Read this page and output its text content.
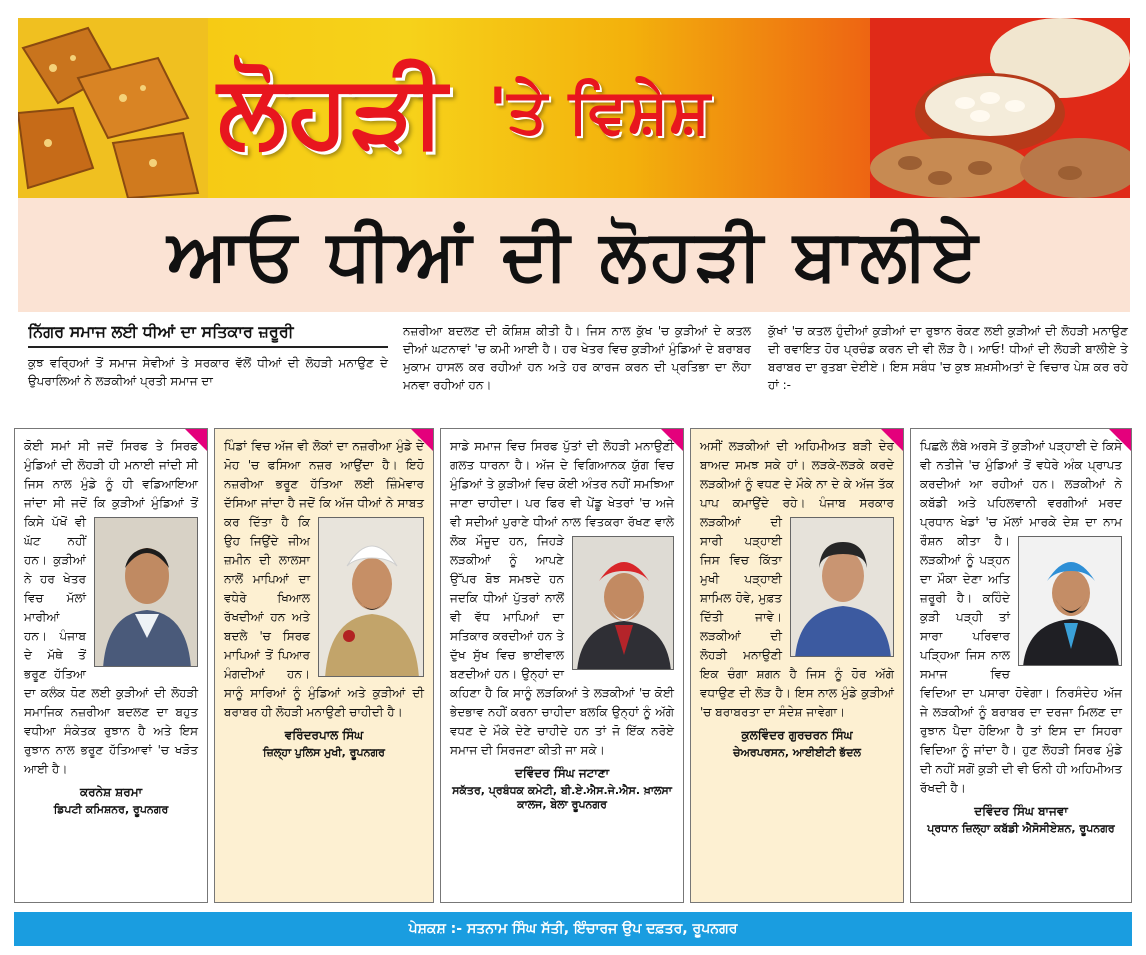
ਲੋਹੜੀ 'ਤੇ ਵਿਸ਼ੇਸ਼
ਆਓ ਧੀਆਂ ਦੀ ਲੋਹੜੀ ਬਾਲੀਏ
ਨਿੱਗਰ ਸਮਾਜ ਲਈ ਧੀਆਂ ਦਾ ਸਤਿਕਾਰ ਜ਼ਰੂਰੀ

ਕੁਝ ਵਰ੍ਹਿਆਂ ਤੋਂ ਸਮਾਜ ਸੇਵੀਆਂ ਤੇ ਸਰਕਾਰ ਵੱਲੋਂ ਧੀਆਂ ਦੀ ਲੋਹੜੀ ਮਨਾਉਣ ਦੇ ਉਪਰਾਲਿਆਂ ਨੇ ਲੜਕੀਆਂ ਪ੍ਰਤੀ ਸਮਾਜ ਦਾ

ਨਜ਼ਰੀਆ ਬਦਲਣ ਦੀ ਕੋਸ਼ਿਸ਼ ਕੀਤੀ ਹੈ। ਜਿਸ ਨਾਲ ਕੁੱਖ 'ਚ ਕੁੜੀਆਂ ਦੇ ਕਤਲ ਦੀਆਂ ਘਟਨਾਵਾਂ 'ਚ ਕਮੀ ਆਈ ਹੈ। ਹਰ ਖੇਤਰ ਵਿਚ ਕੁੜੀਆਂ ਮੁੰਡਿਆਂ ਦੇ ਬਰਾਬਰ ਮੁਕਾਮ ਹਾਸਲ ਕਰ ਰਹੀਆਂ ਹਨ ਅਤੇ ਹਰ ਕਾਰਜ ਕਰਨ ਦੀ ਪ੍ਰਤਿਭਾ ਦਾ ਲੋਹਾ ਮਨਵਾ ਰਹੀਆਂ ਹਨ।

ਕੁੱਖਾਂ 'ਚ ਕਤਲ ਹੁੰਦੀਆਂ ਕੁੜੀਆਂ ਦਾ ਰੁਝਾਨ ਰੋਕਣ ਲਈ ਕੁੜੀਆਂ ਦੀ ਲੋਹੜੀ ਮਨਾਉਣ ਦੀ ਰਵਾਇਤ ਹੋਰ ਪ੍ਰਚੰਡ ਕਰਨ ਦੀ ਵੀ ਲੋੜ ਹੈ। ਆਓ! ਧੀਆਂ ਦੀ ਲੋਹੜੀ ਬਾਲੀਏ ਤੇ ਬਰਾਬਰ ਦਾ ਰੁਤਬਾ ਦੇਈਏ। ਇਸ ਸਬੰਧ 'ਚ ਕੁਝ ਸ਼ਖ਼ਸੀਅਤਾਂ ਦੇ ਵਿਚਾਰ ਪੇਸ਼ ਕਰ ਰਹੇ ਹਾਂ :-

ਕੋਈ ਸਮਾਂ ਸੀ ਜਦੋਂ ਸਿਰਫ ਤੇ ਸਿਰਫ ਮੁੰਡਿਆਂ ਦੀ ਲੋਹੜੀ ਹੀ ਮਨਾਈ ਜਾਂਦੀ ਸੀ ਜਿਸ ਨਾਲ ਮੁੰਡੇ ਨੂੰ ਹੀ ਵਡਿਆਇਆ ਜਾਂਦਾ ਸੀ ਜਦੋਂ ਕਿ ਕੁੜੀਆਂ ਮੁੰਡਿਆਂ ਤੋਂ
ਕਿਸੇ ਪੱਖੋਂ ਵੀ ਘੱਟ ਨਹੀਂ ਹਨ। ਕੁੜੀਆਂ ਨੇ ਹਰ ਖੇਤਰ ਵਿਚ ਮੱਲਾਂ ਮਾਰੀਆਂ ਹਨ। ਪੰਜਾਬ ਦੇ ਮੱਥੇ ਤੋਂ ਭਰੂਣ ਹੱਤਿਆ ਦਾ ਕਲੰਕ ਧੋਣ ਲਈ ਕੁੜੀਆਂ ਦੀ ਲੋਹੜੀ ਸਮਾਜਿਕ ਨਜ਼ਰੀਆ ਬਦਲਣ ਦਾ ਬਹੁਤ ਵਧੀਆ ਸੰਕੇਤਕ ਰੁਝਾਨ ਹੈ ਅਤੇ ਇਸ ਰੁਝਾਨ ਨਾਲ ਭਰੂਣ ਹੱਤਿਆਵਾਂ 'ਚ ਖੜੋਤ ਆਈ ਹੈ।
ਕਰਨੇਸ਼ ਸ਼ਰਮਾ
ਡਿਪਟੀ ਕਮਿਸ਼ਨਰ, ਰੂਪਨਗਰ
ਪਿੰਡਾਂ ਵਿਚ ਅੱਜ ਵੀ ਲੋਕਾਂ ਦਾ ਨਜ਼ਰੀਆ ਮੁੰਡੇ ਦੇ ਮੋਹ 'ਚ ਫਸਿਆ ਨਜ਼ਰ ਆਉਂਦਾ ਹੈ। ਇਹੋ ਨਜ਼ਰੀਆ ਭਰੂਣ ਹੱਤਿਆ ਲਈ ਜ਼ਿੰਮੇਵਾਰ ਦੱਸਿਆ ਜਾਂਦਾ ਹੈ ਜਦੋਂ ਕਿ ਅੱਜ ਧੀਆਂ ਨੇ ਸਾਬਤ ਕਰ ਦਿੱਤਾ ਹੈ ਕਿ ਉਹ ਜਿਉਂਦੇ ਜੀਅ ਜ਼ਮੀਨ ਦੀ ਲਾਲਸਾ ਨਾਲੋਂ ਮਾਪਿਆਂ ਦਾ ਵਧੇਰੇ ਖਿਆਲ ਰੱਖਦੀਆਂ ਹਨ ਅਤੇ ਬਦਲੇ 'ਚ ਸਿਰਫ ਮਾਪਿਆਂ ਤੋਂ ਪਿਆਰ ਮੰਗਦੀਆਂ ਹਨ। ਸਾਨੂੰ ਸਾਰਿਆਂ ਨੂੰ ਮੁੰਡਿਆਂ ਅਤੇ ਕੁੜੀਆਂ ਦੀ ਬਰਾਬਰ ਹੀ ਲੋਹੜੀ ਮਨਾਉਣੀ ਚਾਹੀਦੀ ਹੈ।
ਵਰਿੰਦਰਪਾਲ ਸਿੰਘ
ਜ਼ਿਲ੍ਹਾ ਪੁਲਿਸ ਮੁਖੀ, ਰੂਪਨਗਰ
ਸਾਡੇ ਸਮਾਜ ਵਿਚ ਸਿਰਫ ਪੁੱਤਾਂ ਦੀ ਲੋਹੜੀ ਮਨਾਉਣੀ ਗਲਤ ਧਾਰਨਾ ਹੈ। ਅੱਜ ਦੇ ਵਿਗਿਆਨਕ ਯੁੱਗ ਵਿਚ ਮੁੰਡਿਆਂ ਤੇ ਕੁੜੀਆਂ ਵਿਚ ਕੋਈ ਅੰਤਰ ਨਹੀਂ ਸਮਝਿਆ ਜਾਣਾ ਚਾਹੀਦਾ। ਪਰ ਫਿਰ ਵੀ ਪੇਂਡੂ ਖੇਤਰਾਂ 'ਚ ਅਜੇ ਵੀ ਸਦੀਆਂ ਪੁਰਾਣੇ ਧੀਆਂ ਨਾਲ ਵਿਤਕਰਾ ਰੱਖਣ ਵਾਲੇ ਲੋਕ ਮੌਜੂਦ ਹਨ, ਜਿਹੜੇ ਲੜਕੀਆਂ ਨੂੰ ਆਪਣੇ ਉੱਪਰ ਬੋਝ ਸਮਝਦੇ ਹਨ ਜਦਕਿ ਧੀਆਂ ਪੁੱਤਰਾਂ ਨਾਲੋਂ ਵੀ ਵੱਧ ਮਾਪਿਆਂ ਦਾ ਸਤਿਕਾਰ ਕਰਦੀਆਂ ਹਨ ਤੇ ਦੁੱਖ ਸੁੱਖ ਵਿਚ ਭਾਈਵਾਲ ਬਣਦੀਆਂ ਹਨ। ਉਨ੍ਹਾਂ ਦਾ ਕਹਿਣਾ ਹੈ ਕਿ ਸਾਨੂੰ ਲੜਕਿਆਂ ਤੇ ਲੜਕੀਆਂ 'ਚ ਕੋਈ ਭੇਦਭਾਵ ਨਹੀਂ ਕਰਨਾ ਚਾਹੀਦਾ ਬਲਕਿ ਉਨ੍ਹਾਂ ਨੂੰ ਅੱਗੇ ਵਧਣ ਦੇ ਮੌਕੇ ਦੇਣੇ ਚਾਹੀਦੇ ਹਨ ਤਾਂ ਜੋ ਇੱਕ ਨਰੋਏ ਸਮਾਜ ਦੀ ਸਿਰਜਣਾ ਕੀਤੀ ਜਾ ਸਕੇ।
ਦਵਿੰਦਰ ਸਿੰਘ ਜਟਾਣਾ
ਸਕੱਤਰ, ਪ੍ਰਬੰਧਕ ਕਮੇਟੀ, ਬੀ.ਏ.ਐਸ.ਜੇ.ਐਸ. ਖ਼ਾਲਸਾ ਕਾਲਜ, ਬੇਲਾ ਰੂਪਨਗਰ
ਅਸੀਂ ਲੜਕੀਆਂ ਦੀ ਅਹਿਮੀਅਤ ਬੜੀ ਦੇਰ ਬਾਅਦ ਸਮਝ ਸਕੇ ਹਾਂ। ਲੜਕੇ-ਲੜਕੇ ਕਰਦੇ ਲੜਕੀਆਂ ਨੂੰ ਵਧਣ ਦੇ ਮੌਕੇ ਨਾ ਦੇ ਕੇ ਅੱਜ ਤੱਕ ਪਾਪ ਕਮਾਉਂਦੇ ਰਹੇ। ਪੰਜਾਬ ਸਰਕਾਰ ਲੜਕੀਆਂ ਦੀ
ਸਾਰੀ ਪੜ੍ਹਾਈ ਜਿਸ ਵਿਚ ਕਿੱਤਾ ਮੁਖੀ ਪੜ੍ਹਾਈ ਸ਼ਾਮਿਲ ਹੋਵੇ, ਮੁਫ਼ਤ ਦਿੱਤੀ ਜਾਵੇ। ਲੜਕੀਆਂ ਦੀ ਲੋਹੜੀ ਮਨਾਉਣੀ ਇਕ ਚੰਗਾ ਸ਼ਗਨ ਹੈ ਜਿਸ ਨੂੰ ਹੋਰ ਅੱਗੇ ਵਧਾਉਣ ਦੀ ਲੋੜ ਹੈ। ਇਸ ਨਾਲ ਮੁੰਡੇ ਕੁੜੀਆਂ 'ਚ ਬਰਾਬਰਤਾ ਦਾ ਸੰਦੇਸ਼ ਜਾਵੇਗਾ।
ਕੁਲਵਿੰਦਰ ਗੁਰਚਰਨ ਸਿੰਘ
ਚੇਅਰਪਰਸਨ, ਆਈਈਟੀ ਭੱਦਲ
ਪਿਛਲੇ ਲੰਬੇ ਅਰਸੇ ਤੋਂ ਕੁੜੀਆਂ ਪੜ੍ਹਾਈ ਦੇ ਕਿਸੇ ਵੀ ਨਤੀਜੇ 'ਚ ਮੁੰਡਿਆਂ ਤੋਂ ਵਧੇਰੇ ਅੰਕ ਪ੍ਰਾਪਤ ਕਰਦੀਆਂ ਆ ਰਹੀਆਂ ਹਨ। ਲੜਕੀਆਂ ਨੇ ਕਬੱਡੀ ਅਤੇ ਪਹਿਲਵਾਨੀ ਵਰਗੀਆਂ ਮਰਦ ਪ੍ਰਧਾਨ ਖੇਡਾਂ 'ਚ ਮੱਲਾਂ ਮਾਰਕੇ ਦੇਸ਼ ਦਾ ਨਾਮ ਰੌਸ਼ਨ ਕੀਤਾ ਹੈ। ਲੜਕੀਆਂ ਨੂੰ ਪੜ੍ਹਨ ਦਾ ਮੌਕਾ ਦੇਣਾ ਅਤਿ ਜ਼ਰੂਰੀ ਹੈ। ਕਹਿੰਦੇ ਕੁੜੀ ਪੜ੍ਹੀ ਤਾਂ ਸਾਰਾ ਪਰਿਵਾਰ ਪੜ੍ਹਿਆ ਜਿਸ ਨਾਲ ਸਮਾਜ ਵਿਚ ਵਿਦਿਆ ਦਾ ਪਸਾਰਾ ਹੋਵੇਗਾ। ਨਿਰਸੰਦੇਹ ਅੱਜ ਜੇ ਲੜਕੀਆਂ ਨੂੰ ਬਰਾਬਰ ਦਾ ਦਰਜਾ ਮਿਲਣ ਦਾ ਰੁਝਾਨ ਪੈਦਾ ਹੋਇਆ ਹੈ ਤਾਂ ਇਸ ਦਾ ਸਿਹਰਾ ਵਿਦਿਆ ਨੂੰ ਜਾਂਦਾ ਹੈ। ਹੁਣ ਲੋਹੜੀ ਸਿਰਫ ਮੁੰਡੇ ਦੀ ਨਹੀਂ ਸਗੋਂ ਕੁੜੀ ਦੀ ਵੀ ਓਨੀ ਹੀ ਅਹਿਮੀਅਤ ਰੱਖਦੀ ਹੈ।
ਦਵਿੰਦਰ ਸਿੰਘ ਬਾਜਵਾ
ਪ੍ਰਧਾਨ ਜ਼ਿਲ੍ਹਾ ਕਬੱਡੀ ਐਸੋਸੀਏਸ਼ਨ, ਰੂਪਨਗਰ
ਪੇਸ਼ਕਸ਼ :- ਸਤਨਾਮ ਸਿੰਘ ਸੱਤੀ, ਇੰਚਾਰਜ ਉਪ ਦਫ਼ਤਰ, ਰੂਪਨਗਰ
